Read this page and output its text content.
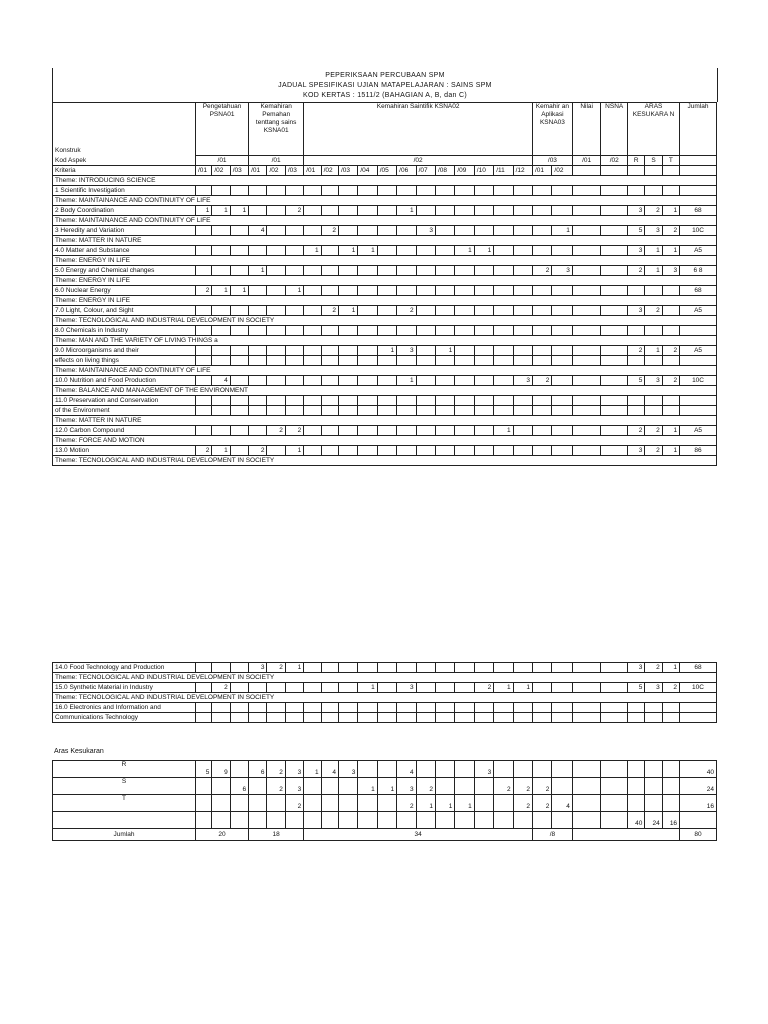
PEPERIKSAAN PERCUBAAN SPM
JADUAL SPESIFIKASI UJIAN MATAPELAJARAN : SAINS SPM
KOD KERTAS : 1511/2 (BAHAGIAN A, B, dan C)
Konstruk	Pengetahuan PSNA01			Kemahiran Pemahan tenttang sains KSNA01			Kemahiran Saintifik KSNA02												Kemahir an Aplikasi KSNA03		Nilai	NSNA	ARAS KESUKARA N			Jumlah
Kod Aspek	/01			/01			/02												/03		/01	/02	R	S	T	
Kriteria	/01	/02	/03	/01	/02	/03	/01	/02	/03	/04	/05	/06	/07	/08	/09	/10	/11	/12	/01	/02						
Theme: INTRODUCING SCIENCE																										
1 Scientific Investigation																										
Theme: MAINTAINANCE AND CONTINUITY OF LIFE																										
2 Body Coordination	1	1	1			2						1											3	2	1	68
Theme: MAINTAINANCE AND CONTINUITY OF LIFE																										
3 Heredity and Variation				4				2					3							1			5	3	2	10C
Theme: MATTER IN NATURE																										
4.0 Matter and Substance							1		1	1					1	1							3	1	1	A5
Theme: ENERGY IN LIFE																										
5.0 Energy and Chemical changes				1															2	3			2	1	3	6 8
Theme: ENERGY IN LIFE																										
6.0 Nuclear Energy	2	1	1			1																				68
Theme: ENERGY IN LIFE																										
7.0 Light, Colour, and Sight								2	1			2											3	2		A5
Theme: TECNOLOGICAL AND INDUSTRIAL DEVELOPMENT IN SOCIETY																										
8.0 Chemicals in Industry																										
Theme: MAN AND THE VARIETY OF LIVING THINGS a																										
9.0 Microorganisms and their											1	3		1									2	1	2	A5
effects on living things																										
Theme: MAINTAINANCE AND CONTINUITY OF LIFE																										
10.0 Nutrition and Food Production		4										1						3	2				5	3	2	10C
Theme: BALANCE AND MANAGEMENT OF THE ENVIRONMENT																										
11.0 Preservation and Conservation																										
of the Environment																										
Theme: MATTER IN NATURE																										
12.0 Carbon Compound					2	2											1						2	2	1	A5
Theme: FORCE AND MOTION																										
13.0 Motion	2	1		2		1																	3	2	1	86
Theme: TECNOLOGICAL AND INDUSTRIAL DEVELOPMENT IN SOCIETY																										
14.0 Food Technology and Production				3	2	1																	3	2	1	68
Theme: TECNOLOGICAL AND INDUSTRIAL DEVELOPMENT IN SOCIETY																										
15.0 Synthetic Material in Industry		2								1		3				2	1	1					5	3	2	10C
Theme: TECNOLOGICAL AND INDUSTRIAL DEVELOPMENT IN SOCIETY																										
16.0 Electronics and Information and																										
Communications Technology																										
Aras Kesukaran
R	5	9		6	2	3	1	4	3			4				3										40
S			6		2	3				1	1	3	2				2	2	2							24
T						2						2	1	1	1			2	2	4						16
																							40	24	16	
Jumlah	20			18			34												/8							80
